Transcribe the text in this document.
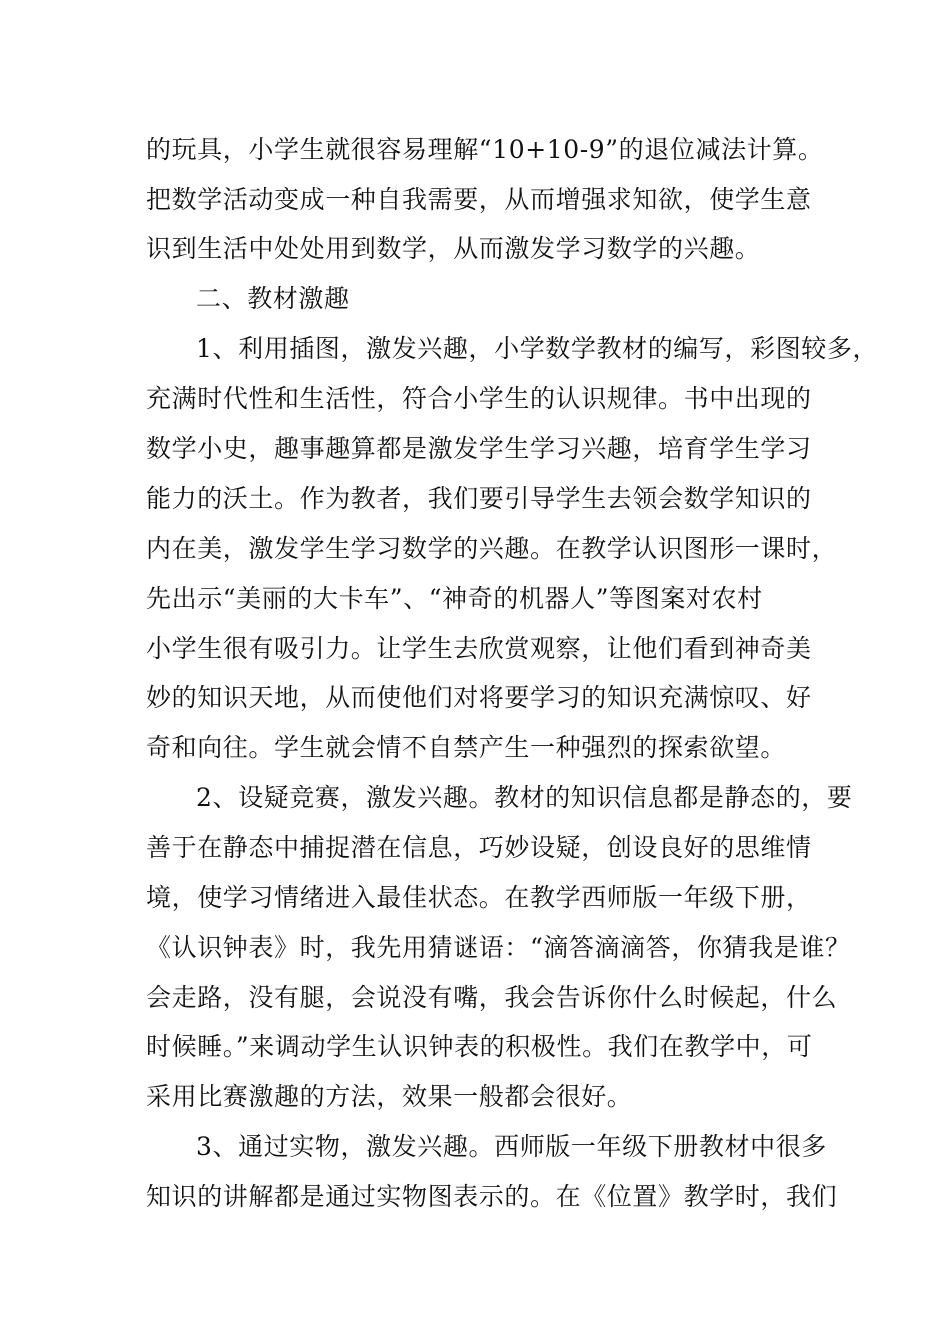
的玩具，小学生就很容易理解“10+10-9”的退位减法计算。
把数学活动变成一种自我需要，从而增强求知欲，使学生意
识到生活中处处用到数学，从而激发学习数学的兴趣。
二、教材激趣
1、利用插图，激发兴趣，小学数学教材的编写，彩图较多，
充满时代性和生活性，符合小学生的认识规律。书中出现的
数学小史，趣事趣算都是激发学生学习兴趣，培育学生学习
能力的沃土。作为教者，我们要引导学生去领会数学知识的
内在美，激发学生学习数学的兴趣。在教学认识图形一课时，
先出示“美丽的大卡车”、“神奇的机器人”等图案对农村
小学生很有吸引力。让学生去欣赏观察，让他们看到神奇美
妙的知识天地，从而使他们对将要学习的知识充满惊叹、好
奇和向往。学生就会情不自禁产生一种强烈的探索欲望。
2、设疑竞赛，激发兴趣。教材的知识信息都是静态的，要
善于在静态中捕捉潜在信息，巧妙设疑，创设良好的思维情
境，使学习情绪进入最佳状态。在教学西师版一年级下册，
《认识钟表》时，我先用猜谜语：“滴答滴滴答，你猜我是谁？
会走路，没有腿，会说没有嘴，我会告诉你什么时候起，什么
时候睡。”来调动学生认识钟表的积极性。我们在教学中，可
采用比赛激趣的方法，效果一般都会很好。
3、通过实物，激发兴趣。西师版一年级下册教材中很多
知识的讲解都是通过实物图表示的。在《位置》教学时，我们
